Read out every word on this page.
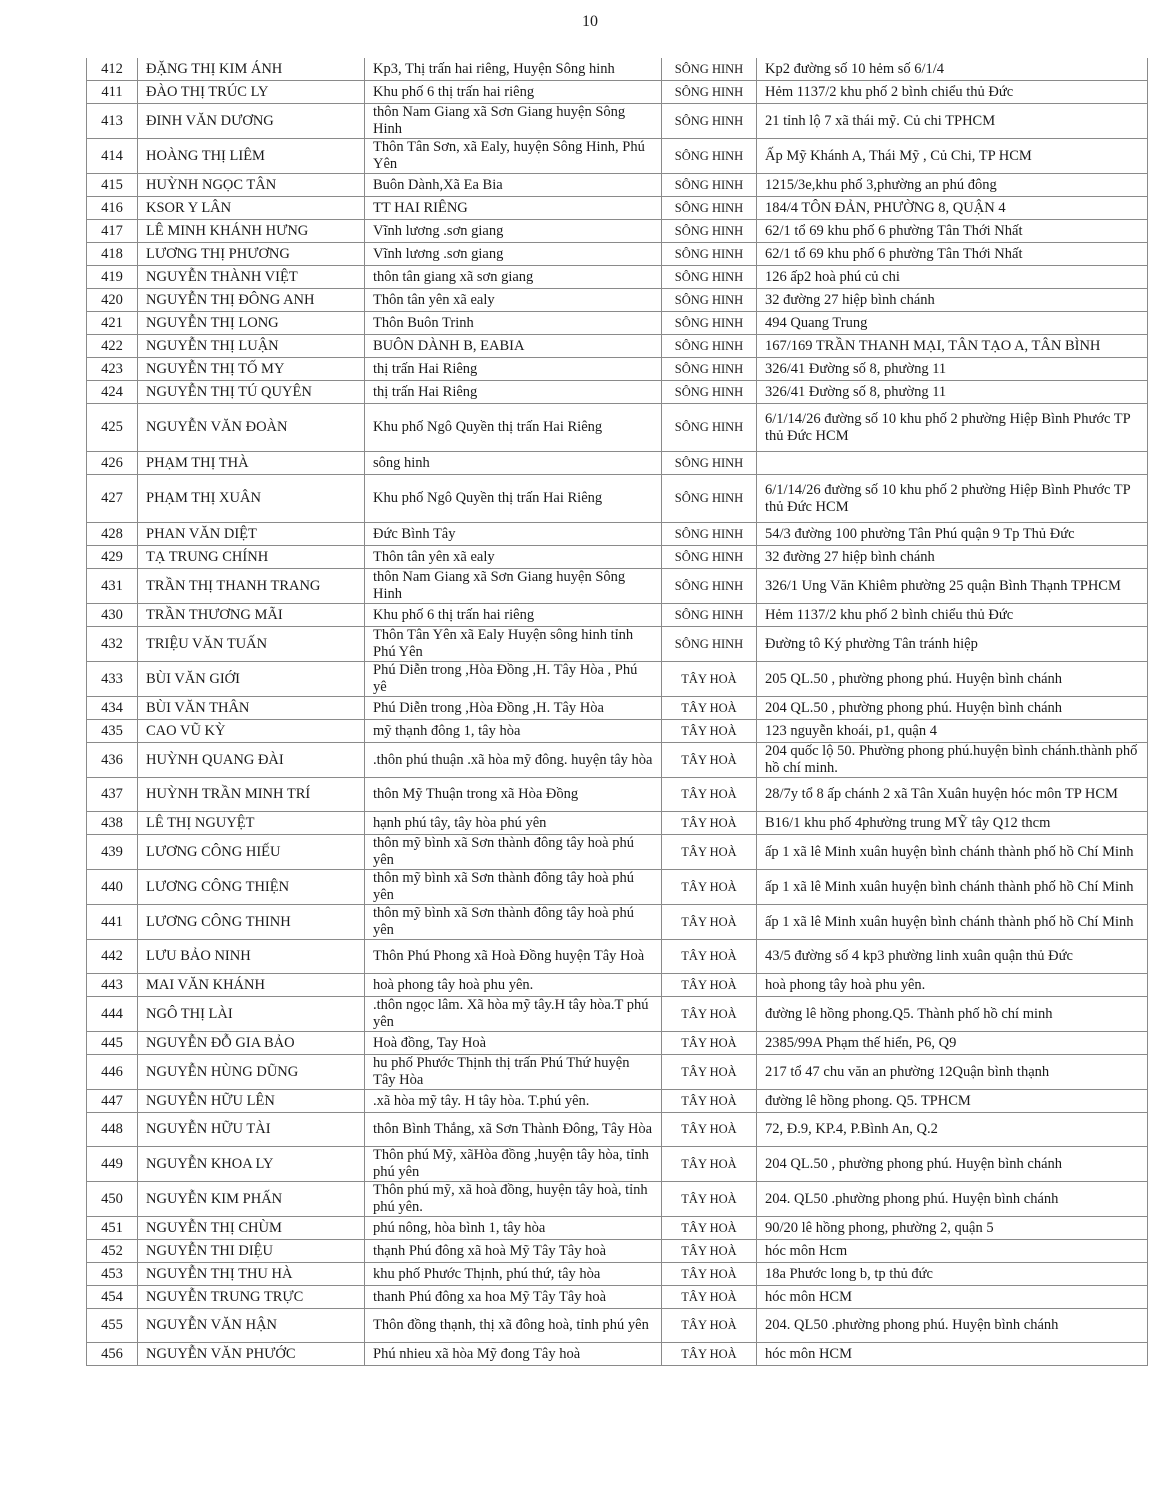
10
412	ĐẶNG THỊ KIM ÁNH	Kp3, Thị trấn hai riêng, Huyện Sông hinh	SÔNG HINH	Kp2 đường số 10 hẻm số 6/1/4
411	ĐÀO THỊ TRÚC LY	Khu phố 6 thị trấn hai riêng	SÔNG HINH	Hẻm 1137/2 khu phố 2 bình chiểu thủ Đức
413	ĐINH VĂN DƯƠNG	thôn Nam Giang xã Sơn Giang huyện Sông Hinh	SÔNG HINH	21 tỉnh lộ 7 xã thái mỹ. Củ chi TPHCM
414	HOÀNG THỊ LIÊM	Thôn Tân Sơn, xã Ealy, huyện Sông Hinh, Phú Yên	SÔNG HINH	Ấp Mỹ Khánh A, Thái Mỹ , Củ Chi, TP HCM
415	HUỲNH NGỌC TÂN	Buôn Dành,Xã Ea Bia	SÔNG HINH	1215/3e,khu phố 3,phường an phú đông
416	KSOR Y LÂN	TT HAI RIÊNG	SÔNG HINH	184/4 TÔN ĐẢN, PHƯỜNG 8, QUẬN 4
417	LÊ MINH KHÁNH HƯNG	Vĩnh lương .sơn giang	SÔNG HINH	62/1 tổ 69 khu phố 6 phường Tân Thới Nhất
418	LƯƠNG THỊ PHƯƠNG	Vĩnh lương .sơn giang	SÔNG HINH	62/1 tổ 69 khu phố 6 phường Tân Thới Nhất
419	NGUYỄN THÀNH VIỆT	thôn tân giang xã sơn giang	SÔNG HINH	126 ấp2 hoà phú củ chi
420	NGUYỄN THỊ ĐÔNG ANH	Thôn tân yên xã ealy	SÔNG HINH	32 đường 27 hiệp bình chánh
421	NGUYỄN THỊ LONG	Thôn Buôn Trinh	SÔNG HINH	494 Quang Trung
422	NGUYỄN THỊ LUẬN	BUÔN DÀNH B, EABIA	SÔNG HINH	167/169 TRẦN THANH MẠI, TÂN TẠO A, TÂN BÌNH
423	NGUYỄN THỊ TỐ MY	thị trấn Hai Riêng	SÔNG HINH	326/41 Đường số 8, phường 11
424	NGUYỄN THỊ TÚ QUYÊN	thị trấn Hai Riêng	SÔNG HINH	326/41 Đường số 8, phường 11
425	NGUYỄN VĂN ĐOÀN	Khu phố Ngô Quyền thị trấn Hai Riêng	SÔNG HINH	6/1/14/26 đường số 10 khu phố 2 phường Hiệp Bình Phước TP thủ Đức HCM
426	PHẠM THỊ THÀ	sông hinh	SÔNG HINH	
427	PHẠM THỊ XUÂN	Khu phố Ngô Quyền thị trấn Hai Riêng	SÔNG HINH	6/1/14/26 đường số 10 khu phố 2 phường Hiệp Bình Phước TP thủ Đức HCM
428	PHAN VĂN DIỆT	Đức Bình Tây	SÔNG HINH	54/3 đường 100 phường Tân Phú quận 9 Tp Thủ Đức
429	TẠ TRUNG CHÍNH	Thôn tân yên xã ealy	SÔNG HINH	32 đường 27 hiệp bình chánh
431	TRẦN THỊ THANH TRANG	thôn Nam Giang xã Sơn Giang huyện Sông Hinh	SÔNG HINH	326/1 Ung Văn Khiêm phường 25 quận Bình Thạnh TPHCM
430	TRẦN THƯƠNG MÃI	Khu phố 6 thị trấn hai riêng	SÔNG HINH	Hẻm 1137/2 khu phố 2 bình chiểu thủ Đức
432	TRIỆU VĂN TUẤN	Thôn Tân Yên xã Ealy Huyện sông hinh tỉnh Phú Yên	SÔNG HINH	Đường tô Ký phường Tân tránh hiệp
433	BÙI VĂN GIỚI	Phú Diễn trong ,Hòa Đồng ,H. Tây Hòa , Phú yê	TÂY HOÀ	205 QL.50 , phường phong phú. Huyện bình chánh
434	BÙI VĂN THÂN	Phú Diễn trong ,Hòa Đồng ,H. Tây Hòa	TÂY HOÀ	204 QL.50 , phường phong phú. Huyện bình chánh
435	CAO VŨ KỲ	mỹ thạnh đông 1, tây hòa	TÂY HOÀ	123 nguyễn khoái, p1, quận 4
436	HUỲNH QUANG ĐÀI	.thôn phú thuận .xã hòa mỹ đông. huyện tây hòa	TÂY HOÀ	204 quốc lộ 50. Phường phong phú.huyện bình chánh.thành phố hồ chí minh.
437	HUỲNH TRẦN MINH TRÍ	thôn Mỹ Thuận trong xã Hòa Đồng	TÂY HOÀ	28/7y tổ 8 ấp chánh 2 xã Tân Xuân huyện hóc môn TP HCM
438	LÊ THỊ NGUYỆT	hạnh phú tây, tây hòa phú yên	TÂY HOÀ	B16/1 khu phố 4phường trung MỸ tây Q12 thcm
439	LƯƠNG CÔNG HIẾU	thôn mỹ bình xã Sơn thành đông tây hoà phú yên	TÂY HOÀ	ấp 1 xã lê Minh xuân huyện bình chánh thành phố hồ Chí Minh
440	LƯƠNG CÔNG THIỆN	thôn mỹ bình xã Sơn thành đông tây hoà phú yên	TÂY HOÀ	ấp 1 xã lê Minh xuân huyện bình chánh thành phố hồ Chí Minh
441	LƯƠNG CÔNG THINH	thôn mỹ bình xã Sơn thành đông tây hoà phú yên	TÂY HOÀ	ấp 1 xã lê Minh xuân huyện bình chánh thành phố hồ Chí Minh
442	LƯU BẢO NINH	Thôn Phú Phong xã Hoà Đồng huyện Tây Hoà	TÂY HOÀ	43/5 đường số 4 kp3 phường linh xuân quận thủ Đức
443	MAI VĂN KHÁNH	hoà phong tây hoà phu yên.	TÂY HOÀ	hoà phong tây hoà phu yên.
444	NGÔ THỊ LÀI	.thôn ngọc lâm. Xã hòa mỹ tây.H tây hòa.T phú yên	TÂY HOÀ	đường lê hồng phong.Q5. Thành phố hồ chí minh
445	NGUYỄN ĐỖ GIA BẢO	Hoà đồng, Tay Hoà	TÂY HOÀ	2385/99A Phạm thế hiển, P6, Q9
446	NGUYỄN HÙNG DŨNG	hu phố Phước Thịnh thị trấn Phú Thứ huyện Tây Hòa	TÂY HOÀ	217 tổ 47 chu văn an phường 12Quận bình thạnh
447	NGUYỄN HỮU LÊN	.xã hòa mỹ tây. H tây hòa. T.phú yên.	TÂY HOÀ	đường lê hồng phong. Q5. TPHCM
448	NGUYỄN HỮU TÀI	thôn Bình Thắng, xã Sơn Thành Đông, Tây Hòa	TÂY HOÀ	72, Đ.9, KP.4, P.Bình An, Q.2
449	NGUYỄN KHOA LY	Thôn phú Mỹ, xãHòa đồng ,huyện tây hòa, tỉnh phú yên	TÂY HOÀ	204 QL.50 , phường phong phú. Huyện bình chánh
450	NGUYỄN KIM PHẤN	Thôn phú mỹ, xã hoà đồng, huyện tây hoà, tỉnh phú yên.	TÂY HOÀ	204. QL50 .phường phong phú. Huyện bình chánh
451	NGUYỄN THỊ CHÙM	phú nông, hòa bình 1, tây hòa	TÂY HOÀ	90/20 lê hồng phong, phường 2, quận 5
452	NGUYỄN THI DIỆU	thạnh Phú đông xã hoà Mỹ Tây Tây hoà	TÂY HOÀ	hóc môn Hcm
453	NGUYỄN THỊ THU HÀ	khu phố Phước Thịnh, phú thứ, tây hòa	TÂY HOÀ	18a Phước long b, tp thủ đức
454	NGUYỄN TRUNG TRỰC	thanh Phú đông xa hoa Mỹ Tây Tây hoà	TÂY HOÀ	hóc môn HCM
455	NGUYỄN VĂN HẬN	Thôn đồng thạnh, thị xã đông hoà, tỉnh phú yên	TÂY HOÀ	204. QL50 .phường phong phú. Huyện bình chánh
456	NGUYỄN VĂN PHƯỚC	Phú nhieu xã hòa Mỹ đong Tây hoà	TÂY HOÀ	hóc môn HCM
